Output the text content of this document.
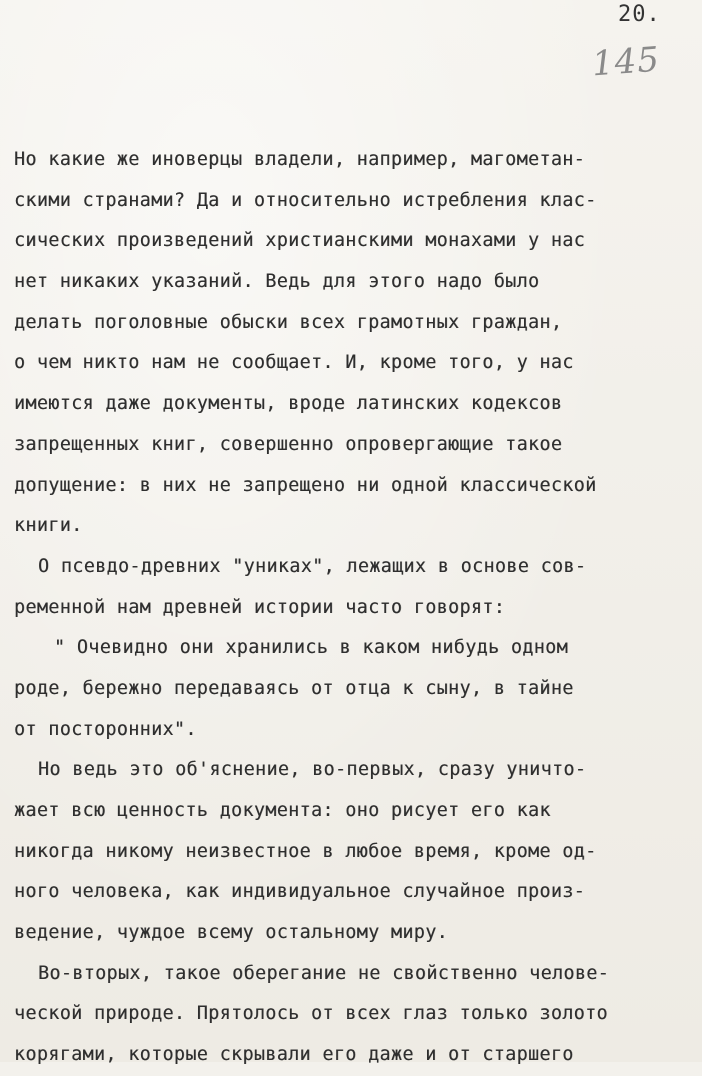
20.
145
Но какие же иноверцы владели, например, магометан-
скими странами? Да и относительно истребления клас-
сических произведений христианскими монахами у нас
нет никаких указаний. Ведь для этого надо было
делать поголовные обыски всех грамотных граждан,
о чем никто нам не сообщает. И, кроме того, у нас
имеются даже документы, вроде латинских кодексов
запрещенных книг, совершенно опровергающие такое
допущение: в них не запрещено ни одной классической
книги.
О псевдо-древних "униках", лежащих в основе сов-
ременной нам древней истории часто говорят:
" Очевидно они хранились в каком нибудь одном
роде, бережно передаваясь от отца к сыну, в тайне
от посторонних".
Но ведь это об'яснение, во-первых, сразу уничто-
жает всю ценность документа: оно рисует его как
никогда никому неизвестное в любое время, кроме од-
ного человека, как индивидуальное случайное произ-
ведение, чуждое всему остальному миру.
Во-вторых, такое оберегание не свойственно челове-
ческой природе. Прятолось от всех глаз только золото
корягами, которые скрывали его даже и от старшего
